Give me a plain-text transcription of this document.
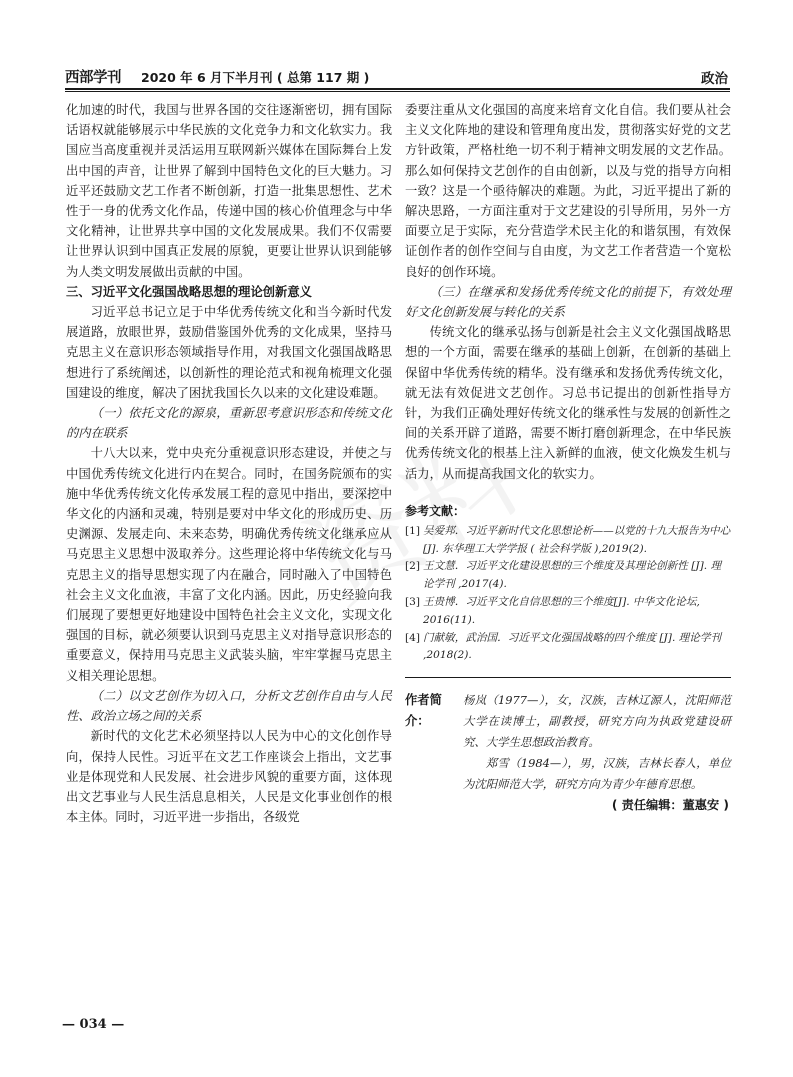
西部学刊 2020 年 6 月下半月刊 ( 总第 117 期 )	政治

化加速的时代，我国与世界各国的交往逐渐密切，拥有国际话语权就能够展示中华民族的文化竞争力和文化软实力。我国应当高度重视并灵活运用互联网新兴媒体在国际舞台上发出中国的声音，让世界了解到中国特色文化的巨大魅力。习近平还鼓励文艺工作者不断创新，打造一批集思想性、艺术性于一身的优秀文化作品，传递中国的核心价值理念与中华文化精神，让世界共享中国的文化发展成果。我们不仅需要让世界认识到中国真正发展的原貌，更要让世界认识到能够为人类文明发展做出贡献的中国。

三、习近平文化强国战略思想的理论创新意义

习近平总书记立足于中华优秀传统文化和当今新时代发展道路，放眼世界，鼓励借鉴国外优秀的文化成果，坚持马克思主义在意识形态领域指导作用，对我国文化强国战略思想进行了系统阐述，以创新性的理论范式和视角梳理文化强国建设的维度，解决了困扰我国长久以来的文化建设难题。

（一）依托文化的源泉，重新思考意识形态和传统文化的内在联系

十八大以来，党中央充分重视意识形态建设，并使之与中国优秀传统文化进行内在契合。同时，在国务院颁布的实施中华优秀传统文化传承发展工程的意见中指出，要深挖中华文化的内涵和灵魂，特别是要对中华文化的形成历史、历史渊源、发展走向、未来态势，明确优秀传统文化继承应从马克思主义思想中汲取养分。这些理论将中华传统文化与马克思主义的指导思想实现了内在融合，同时融入了中国特色社会主义文化血液，丰富了文化内涵。因此，历史经验向我们展现了要想更好地建设中国特色社会主义文化，实现文化强国的目标，就必须要认识到马克思主义对指导意识形态的重要意义，保持用马克思主义武装头脑，牢牢掌握马克思主义相关理论思想。

（二）以文艺创作为切入口，分析文艺创作自由与人民性、政治立场之间的关系

新时代的文化艺术必须坚持以人民为中心的文化创作导向，保持人民性。习近平在文艺工作座谈会上指出，文艺事业是体现党和人民发展、社会进步风貌的重要方面，这体现出文艺事业与人民生活息息相关，人民是文化事业创作的根本主体。同时，习近平进一步指出，各级党

委要注重从文化强国的高度来培育文化自信。我们要从社会主义文化阵地的建设和管理角度出发，贯彻落实好党的文艺方针政策，严格杜绝一切不利于精神文明发展的文艺作品。那么如何保持文艺创作的自由创新，以及与党的指导方向相一致？这是一个亟待解决的难题。为此，习近平提出了新的解决思路，一方面注重对于文艺建设的引导所用，另外一方面要立足于实际，充分营造学术民主化的和谐氛围，有效保证创作者的创作空间与自由度，为文艺工作者营造一个宽松良好的创作环境。

（三）在继承和发扬优秀传统文化的前提下，有效处理好文化创新发展与转化的关系

传统文化的继承弘扬与创新是社会主义文化强国战略思想的一个方面，需要在继承的基础上创新，在创新的基础上保留中华优秀传统的精华。没有继承和发扬优秀传统文化，就无法有效促进文艺创作。习总书记提出的创新性指导方针，为我们正确处理好传统文化的继承性与发展的创新性之间的关系开辟了道路，需要不断打磨创新理念，在中华民族优秀传统文化的根基上注入新鲜的血液，使文化焕发生机与活力，从而提高我国文化的软实力。

参考文献：
[1] 吴爱邦．习近平新时代文化思想论析——以党的十九大报告为中心 [J]. 东华理工大学学报 ( 社会科学版 ),2019(2).
[2] 王文慧．习近平文化建设思想的三个维度及其理论创新性 [J]. 理论学刊 ,2017(4).
[3] 王贵博．习近平文化自信思想的三个维度[J]. 中华文化论坛, 2016(11).
[4] 门献敏，武治国．习近平文化强国战略的四个维度 [J]. 理论学刊 ,2018(2).
作者简介：

杨岚（1977—），女，汉族，吉林辽源人，沈阳师范大学在读博士，副教授，研究方向为执政党建设研究、大学生思想政治教育。

郑雪（1984—），男，汉族，吉林长春人，单位为沈阳师范大学，研究方向为青少年德育思想。

( 责任编辑：董惠安 )
— 034 —
